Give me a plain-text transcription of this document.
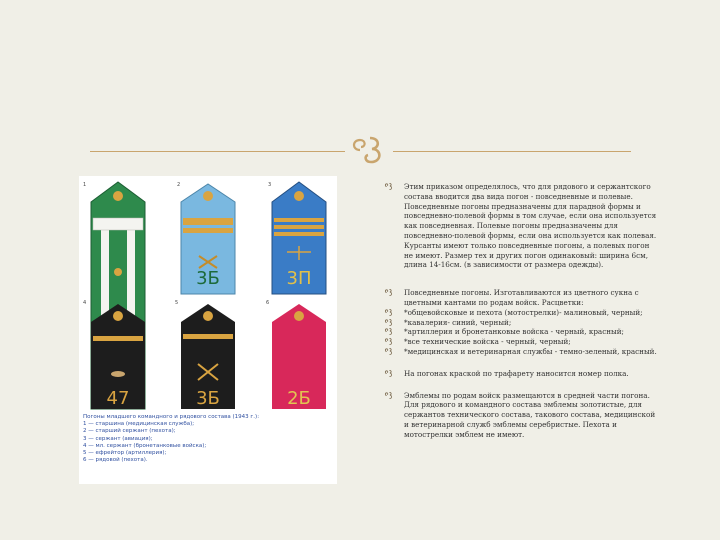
3Б	3П
47	3Б	2Б
1	2	3
4	5	6
Погоны младшего командного и рядового состава (1943 г.):
1 — старшина (медицинская служба);
2 — старший сержант (пехота);
3 — сержант (авиация);
4 — мл. сержант (бронетанковые войска);
5 — ефрейтор (артиллерия);
6 — рядовой (пехота).
Этим приказом определялось, что для рядового и сержантского состава вводится два вида погон - повседневные и полевые. Повседневные погоны предназначены для парадной формы и повседневно-полевой формы в том случае, если она используется как повседневная. Полевые погоны предназначены для повседневно-полевой формы, если она используется как полевая. Курсанты имеют только повседневные погоны, а полевых погон не имеют. Размер тех и других погон одинаковый: ширина 6см, длина 14-16см. (в зависимости от размера одежды).
Повседневные погоны. Изготавливаются из цветного сукна с цветными кантами по родам войск. Расцветки:
*общевойсковые и пехота (мотострелки)- малиновый, черный;
*кавалерия- синий, черный;
*артиллерия и бронетанковые войска - черный, красный;
*все технические войска - черный, черный;
*медицинская и ветеринарная службы - темно-зеленый, красный.
На погонах краской по трафарету наносится номер полка.
Эмблемы по родам войск размещаются в средней части погона. Для рядового и командного состава эмблемы золотистые, для сержантов технического состава, такового состава, медицинской и ветеринарной служб эмблемы серебристые. Пехота и мотострелки эмблем не имеют.
